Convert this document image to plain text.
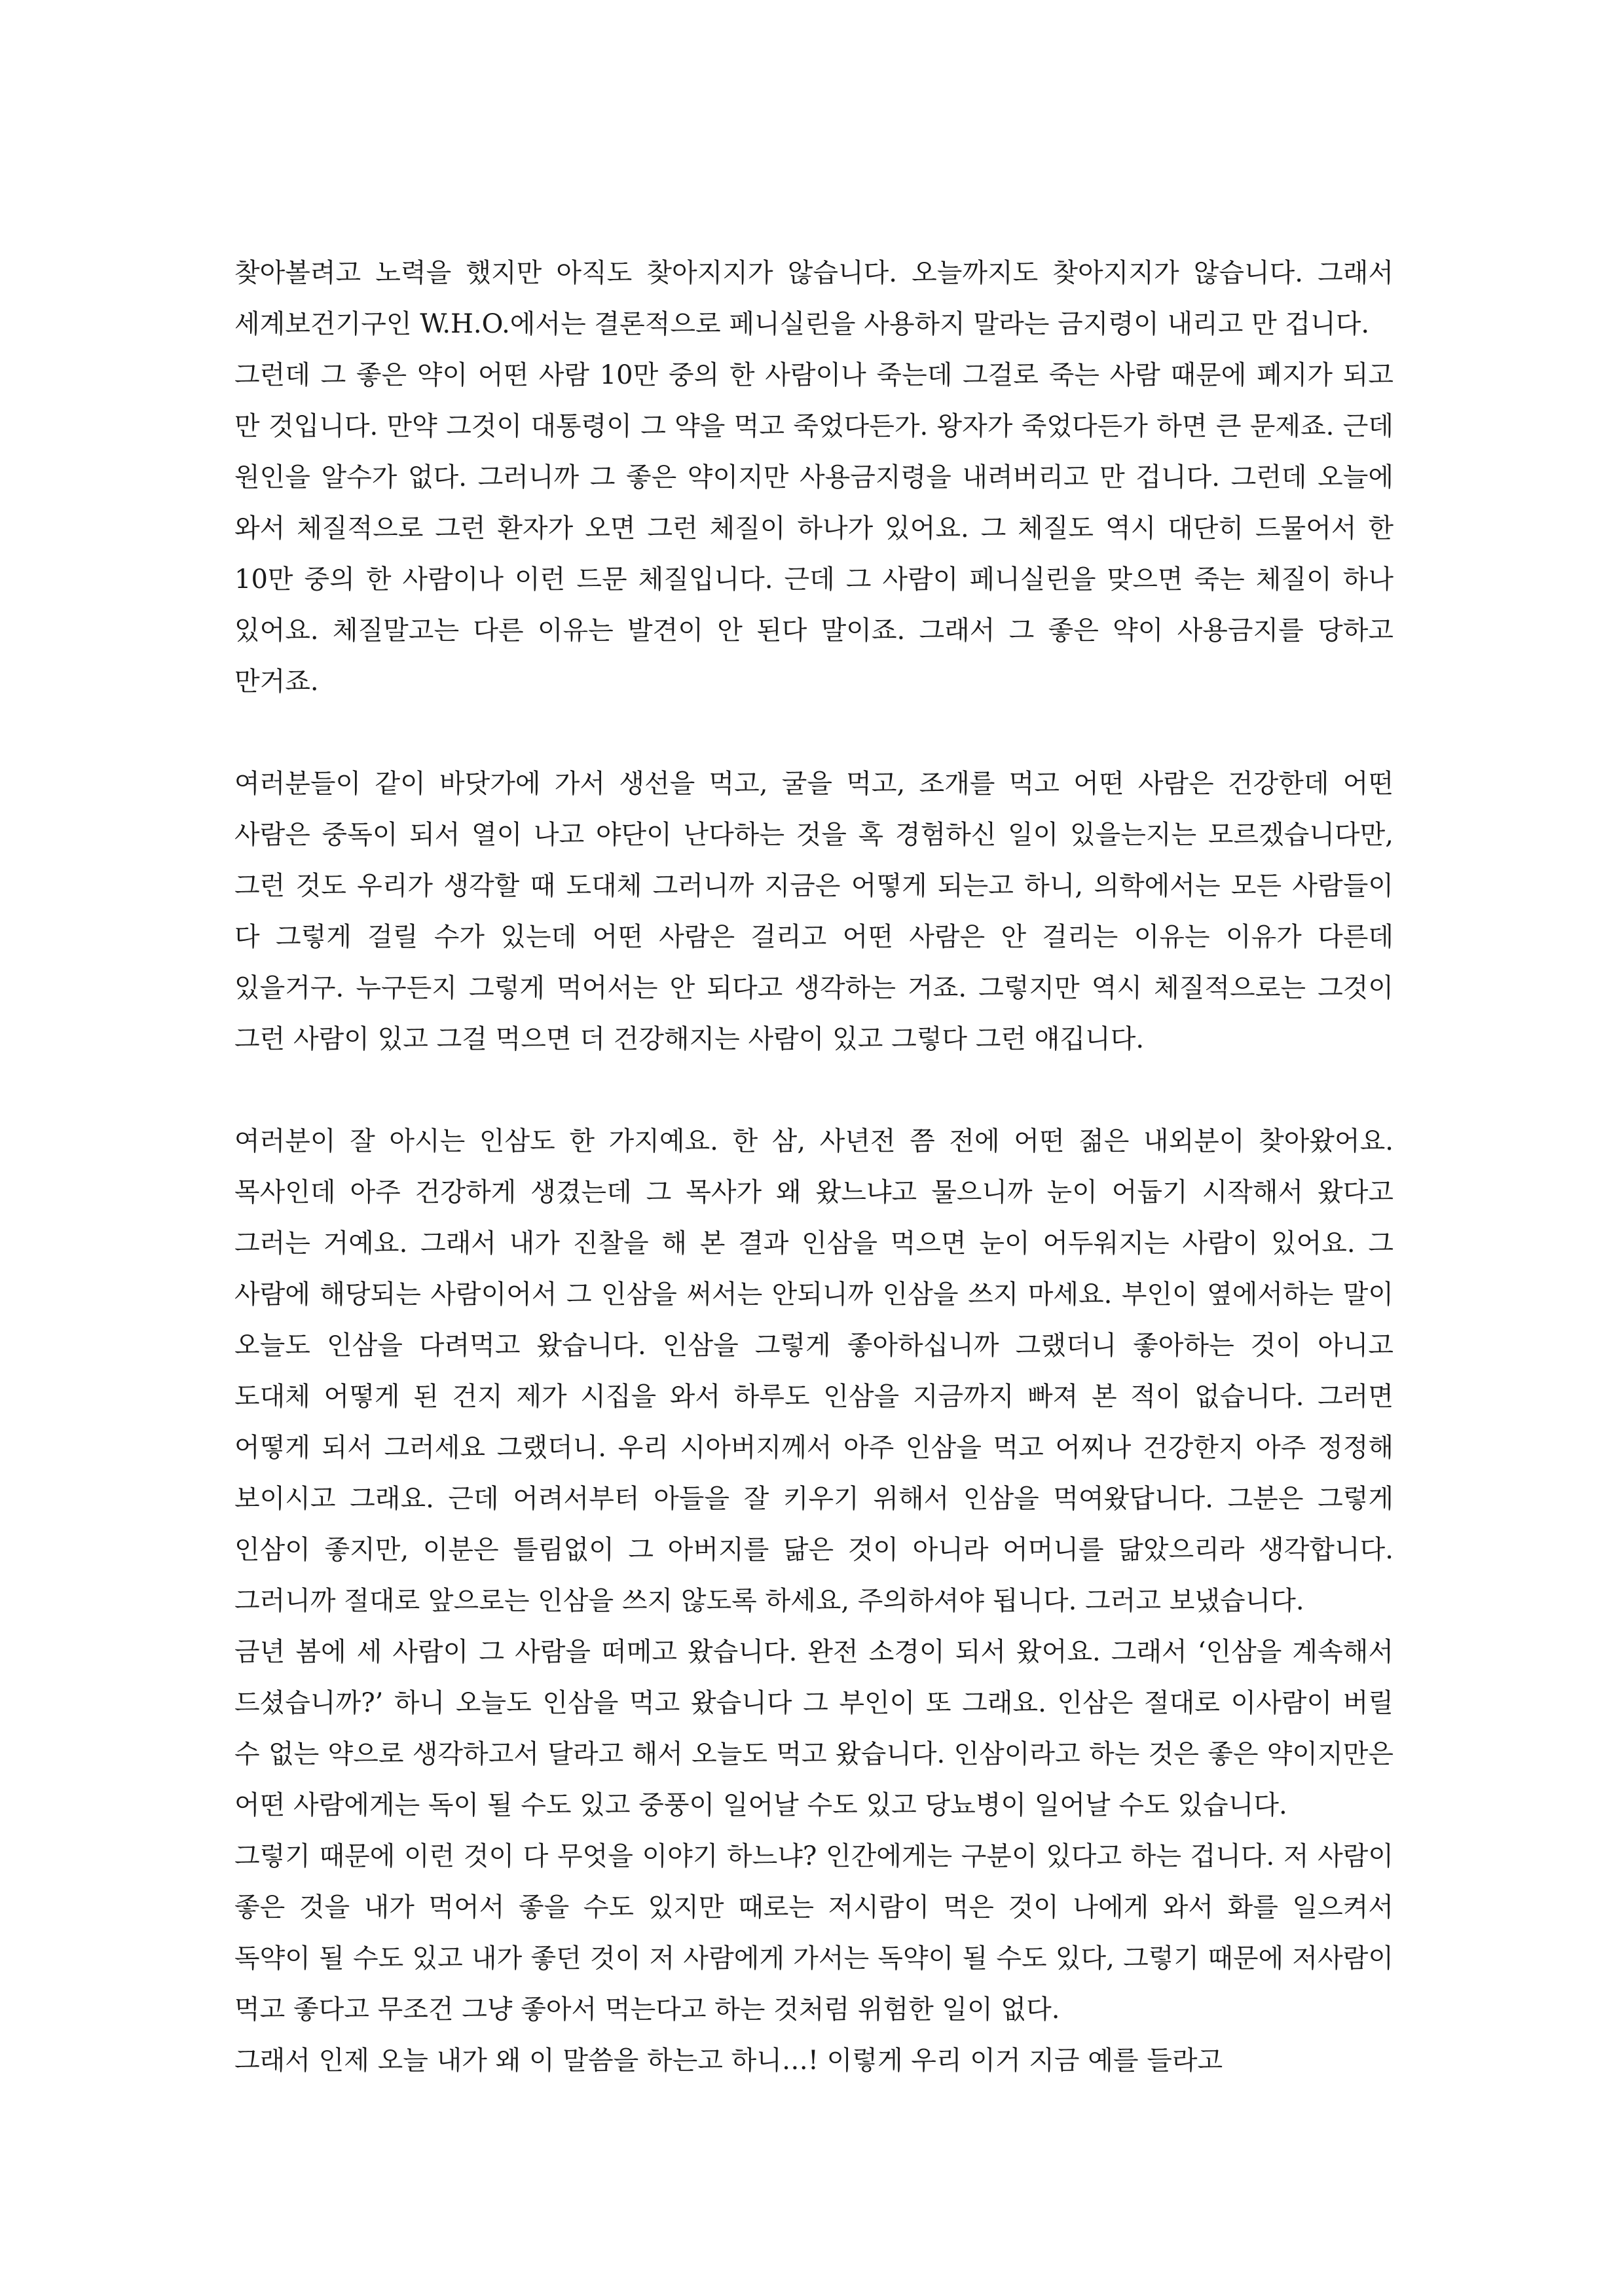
찾아볼려고 노력을 했지만 아직도 찾아지지가 않습니다. 오늘까지도 찾아지지가 않습니다. 그래서 세계보건기구인 W.H.O.에서는 결론적으로 페니실린을 사용하지 말라는 금지령이 내리고 만 겁니다.

그런데 그 좋은 약이 어떤 사람 10만 중의 한 사람이나 죽는데 그걸로 죽는 사람 때문에 폐지가 되고 만 것입니다. 만약 그것이 대통령이 그 약을 먹고 죽었다든가. 왕자가 죽었다든가 하면 큰 문제죠. 근데 원인을 알수가 없다. 그러니까 그 좋은 약이지만 사용금지령을 내려버리고 만 겁니다. 그런데 오늘에 와서 체질적으로 그런 환자가 오면 그런 체질이 하나가 있어요. 그 체질도 역시 대단히 드물어서 한 10만 중의 한 사람이나 이런 드문 체질입니다. 근데 그 사람이 페니실린을 맞으면 죽는 체질이 하나 있어요. 체질말고는 다른 이유는 발견이 안 된다 말이죠. 그래서 그 좋은 약이 사용금지를 당하고 만거죠.

여러분들이 같이 바닷가에 가서 생선을 먹고, 굴을 먹고, 조개를 먹고 어떤 사람은 건강한데 어떤 사람은 중독이 되서 열이 나고 야단이 난다하는 것을 혹 경험하신 일이 있을는지는 모르겠습니다만, 그런 것도 우리가 생각할 때 도대체 그러니까 지금은 어떻게 되는고 하니, 의학에서는 모든 사람들이 다 그렇게 걸릴 수가 있는데 어떤 사람은 걸리고 어떤 사람은 안 걸리는 이유는 이유가 다른데 있을거구. 누구든지 그렇게 먹어서는 안 되다고 생각하는 거죠. 그렇지만 역시 체질적으로는 그것이 그런 사람이 있고 그걸 먹으면 더 건강해지는 사람이 있고 그렇다 그런 얘깁니다.

여러분이 잘 아시는 인삼도 한 가지예요. 한 삼, 사년전 쯤 전에 어떤 젊은 내외분이 찾아왔어요. 목사인데 아주 건강하게 생겼는데 그 목사가 왜 왔느냐고 물으니까 눈이 어둡기 시작해서 왔다고 그러는 거예요. 그래서 내가 진찰을 해 본 결과 인삼을 먹으면 눈이 어두워지는 사람이 있어요. 그 사람에 해당되는 사람이어서 그 인삼을 써서는 안되니까 인삼을 쓰지 마세요. 부인이 옆에서하는 말이 오늘도 인삼을 다려먹고 왔습니다. 인삼을 그렇게 좋아하십니까 그랬더니 좋아하는 것이 아니고 도대체 어떻게 된 건지 제가 시집을 와서 하루도 인삼을 지금까지 빠져 본 적이 없습니다. 그러면 어떻게 되서 그러세요 그랬더니. 우리 시아버지께서 아주 인삼을 먹고 어찌나 건강한지 아주 정정해 보이시고 그래요. 근데 어려서부터 아들을 잘 키우기 위해서 인삼을 먹여왔답니다. 그분은 그렇게 인삼이 좋지만, 이분은 틀림없이 그 아버지를 닮은 것이 아니라 어머니를 닮았으리라 생각합니다. 그러니까 절대로 앞으로는 인삼을 쓰지 않도록 하세요, 주의하셔야 됩니다. 그러고 보냈습니다.

금년 봄에 세 사람이 그 사람을 떠메고 왔습니다. 완전 소경이 되서 왔어요. 그래서 ‘인삼을 계속해서 드셨습니까?’ 하니 오늘도 인삼을 먹고 왔습니다 그 부인이 또 그래요. 인삼은 절대로 이사람이 버릴 수 없는 약으로 생각하고서 달라고 해서 오늘도 먹고 왔습니다. 인삼이라고 하는 것은 좋은 약이지만은 어떤 사람에게는 독이 될 수도 있고 중풍이 일어날 수도 있고 당뇨병이 일어날 수도 있습니다.

그렇기 때문에 이런 것이 다 무엇을 이야기 하느냐? 인간에게는 구분이 있다고 하는 겁니다. 저 사람이 좋은 것을 내가 먹어서 좋을 수도 있지만 때로는 저시람이 먹은 것이 나에게 와서 화를 일으켜서 독약이 될 수도 있고 내가 좋던 것이 저 사람에게 가서는 독약이 될 수도 있다, 그렇기 때문에 저사람이 먹고 좋다고 무조건 그냥 좋아서 먹는다고 하는 것처럼 위험한 일이 없다.

그래서 인제 오늘 내가 왜 이 말씀을 하는고 하니…! 이렇게 우리 이거 지금 예를 들라고
